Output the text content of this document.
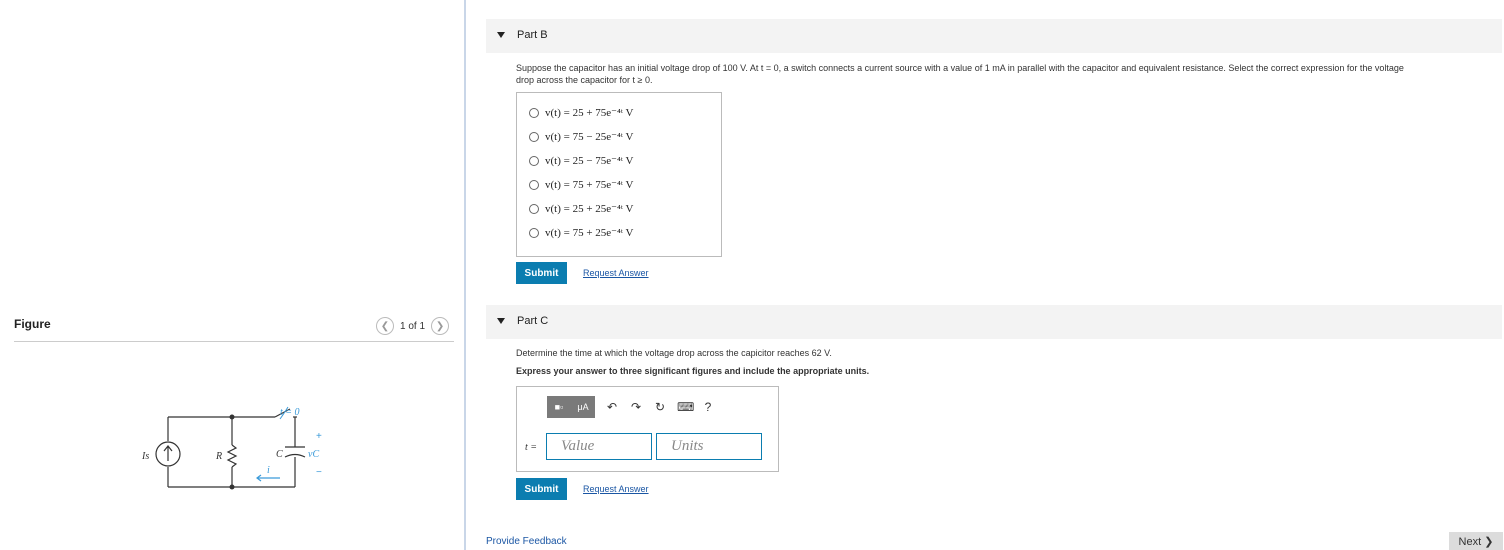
Figure	❮ 1 of 1 ❯
Is	R	C
t = 0
vC
i
+
−
Part B
Suppose the capacitor has an initial voltage drop of 100 V. At t = 0, a switch connects a current source with a value of 1 mA in parallel with the capacitor and equivalent resistance. Select the correct expression for the voltage
drop across the capacitor for t ≥ 0.
v(t) = 25 + 75e⁻⁴ᵗ V
v(t) = 75 − 25e⁻⁴ᵗ V
v(t) = 25 − 75e⁻⁴ᵗ V
v(t) = 75 + 75e⁻⁴ᵗ V
v(t) = 25 + 25e⁻⁴ᵗ V
v(t) = 75 + 25e⁻⁴ᵗ V
Submit	Request Answer
Part C
Determine the time at which the voltage drop across the capicitor reaches 62 V.
Express your answer to three significant figures and include the appropriate units.
■▫	μA	↶ ↷ ↻ ⌨ ?
t =	Value	Units
Submit	Request Answer
Provide Feedback	Next ❯
